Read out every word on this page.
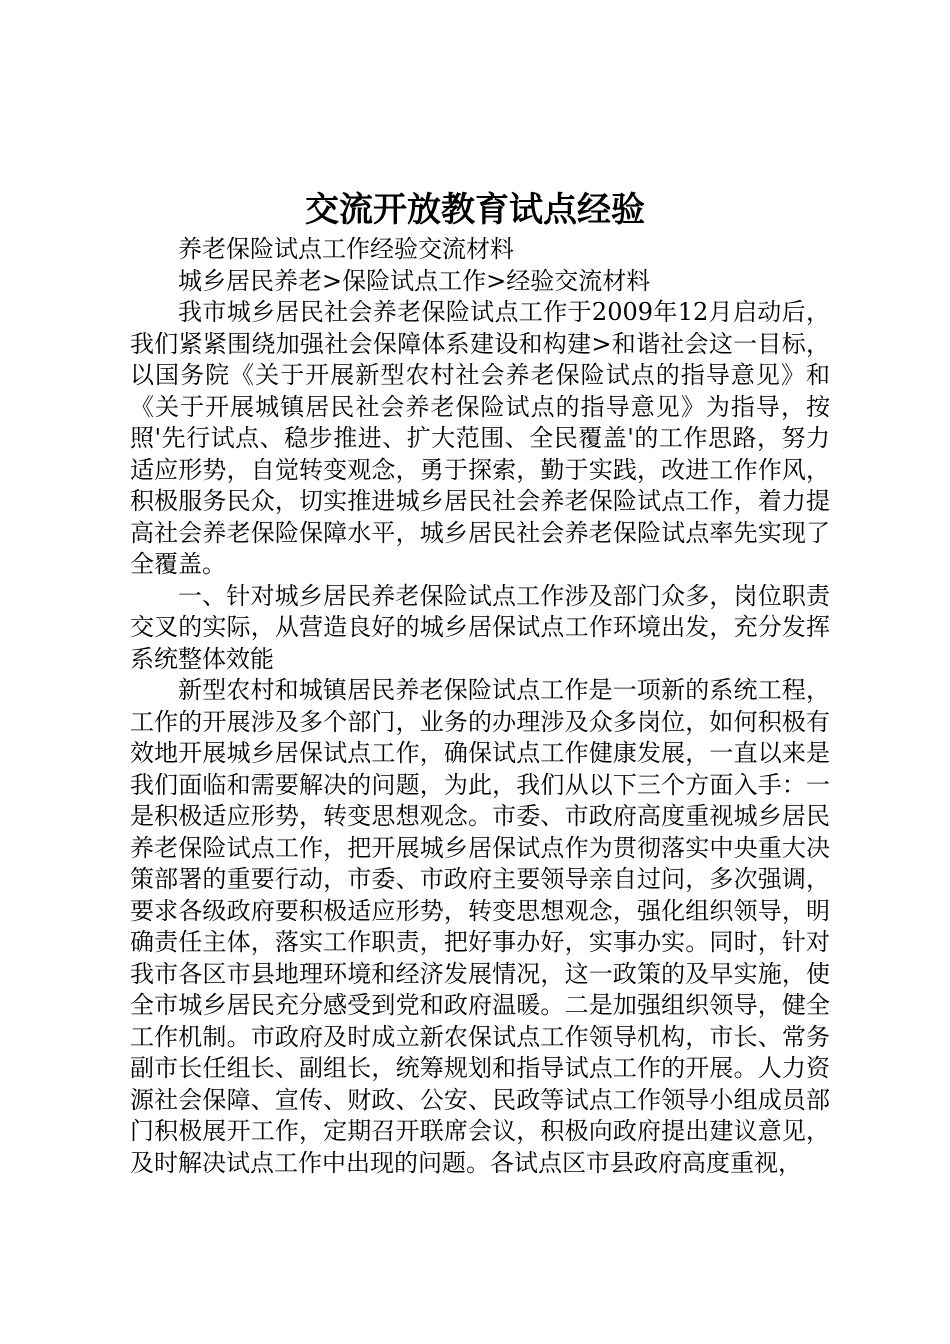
交流开放教育试点经验

养老保险试点工作经验交流材料

城乡居民养老>保险试点工作>经验交流材料

我市城乡居民社会养老保险试点工作于2009年12月启动后，我们紧紧围绕加强社会保障体系建设和构建>和谐社会这一目标，以国务院《关于开展新型农村社会养老保险试点的指导意见》和《关于开展城镇居民社会养老保险试点的指导意见》为指导，按照'先行试点、稳步推进、扩大范围、全民覆盖'的工作思路，努力适应形势，自觉转变观念，勇于探索，勤于实践，改进工作作风，积极服务民众，切实推进城乡居民社会养老保险试点工作，着力提高社会养老保险保障水平，城乡居民社会养老保险试点率先实现了全覆盖。

一、针对城乡居民养老保险试点工作涉及部门众多，岗位职责交叉的实际，从营造良好的城乡居保试点工作环境出发，充分发挥系统整体效能

新型农村和城镇居民养老保险试点工作是一项新的系统工程，工作的开展涉及多个部门，业务的办理涉及众多岗位，如何积极有效地开展城乡居保试点工作，确保试点工作健康发展，一直以来是我们面临和需要解决的问题，为此，我们从以下三个方面入手：一是积极适应形势，转变思想观念。市委、市政府高度重视城乡居民养老保险试点工作，把开展城乡居保试点作为贯彻落实中央重大决策部署的重要行动，市委、市政府主要领导亲自过问，多次强调，要求各级政府要积极适应形势，转变思想观念，强化组织领导，明确责任主体，落实工作职责，把好事办好，实事办实。同时，针对我市各区市县地理环境和经济发展情况，这一政策的及早实施，使全市城乡居民充分感受到党和政府温暖。二是加强组织领导，健全工作机制。市政府及时成立新农保试点工作领导机构，市长、常务副市长任组长、副组长，统筹规划和指导试点工作的开展。人力资源社会保障、宣传、财政、公安、民政等试点工作领导小组成员部门积极展开工作，定期召开联席会议，积极向政府提出建议意见，及时解决试点工作中出现的问题。各试点区市县政府高度重视，
